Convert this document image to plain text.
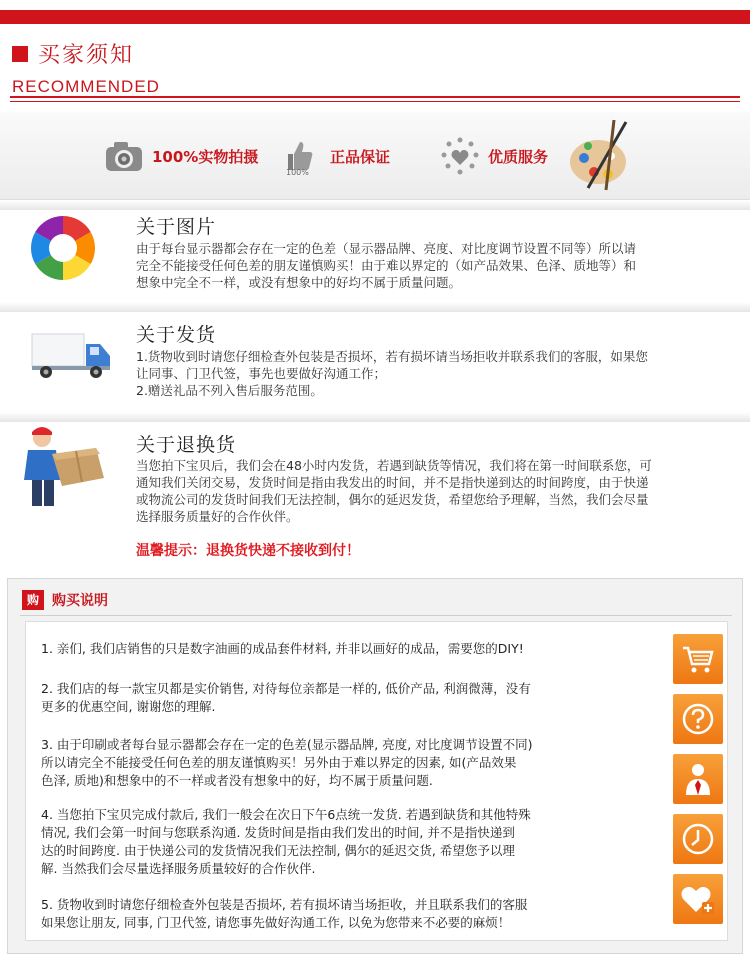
买家须知
RECOMMENDED
100%实物拍摄
100%
正品保证	优质服务
关于图片
由于每台显示器都会存在一定的色差（显示器品牌、亮度、对比度调节设置不同等）所以请
完全不能接受任何色差的朋友谨慎购买！由于难以界定的（如产品效果、色泽、质地等）和
想象中完全不一样，或没有想象中的好均不属于质量问题。
关于发货
1.货物收到时请您仔细检查外包装是否损坏，若有损坏请当场拒收并联系我们的客服，如果您
让同事、门卫代签，事先也要做好沟通工作；
2.赠送礼品不列入售后服务范围。
关于退换货
当您拍下宝贝后，我们会在48小时内发货，若遇到缺货等情况，我们将在第一时间联系您，可
通知我们关闭交易，发货时间是指由我发出的时间，并不是指快递到达的时间跨度，由于快递
或物流公司的发货时间我们无法控制，偶尔的延迟发货，希望您给予理解，当然，我们会尽量
选择服务质量好的合作伙伴。
温馨提示：退换货快递不接收到付！
购 购买说明
1. 亲们, 我们店销售的只是数字油画的成品套件材料, 并非以画好的成品，需要您的DIY!
2. 我们店的每一款宝贝都是实价销售, 对待每位亲都是一样的, 低价产品, 利润微薄，没有
更多的优惠空间, 谢谢您的理解.
3. 由于印刷或者每台显示器都会存在一定的色差(显示器品牌, 亮度, 对比度调节设置不同)
所以请完全不能接受任何色差的朋友谨慎购买！另外由于难以界定的因素, 如(产品效果
色泽, 质地)和想象中的不一样或者没有想象中的好，均不属于质量问题.
4. 当您拍下宝贝完成付款后, 我们一般会在次日下午6点统一发货. 若遇到缺货和其他特殊
情况, 我们会第一时间与您联系沟通. 发货时间是指由我们发出的时间, 并不是指快递到
达的时间跨度. 由于快递公司的发货情况我们无法控制, 偶尔的延迟交货, 希望您予以理
解. 当然我们会尽量选择服务质量较好的合作伙伴.
5. 货物收到时请您仔细检查外包装是否损坏, 若有损坏请当场拒收，并且联系我们的客服
如果您让朋友, 同事, 门卫代签, 请您事先做好沟通工作, 以免为您带来不必要的麻烦！
